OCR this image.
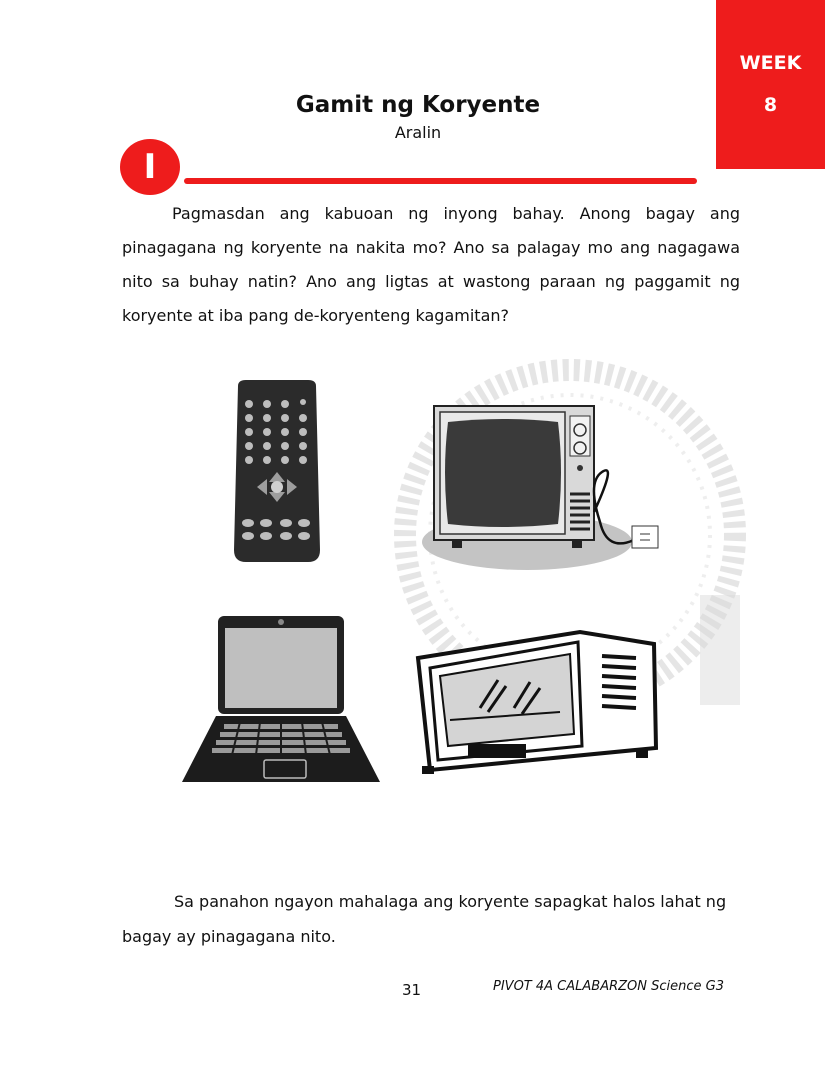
WEEK
8
Gamit ng Koryente
Aralin
I
Pagmasdan ang kabuoan ng inyong bahay. Anong bagay ang pinagagana ng koryente na nakita mo? Ano sa palagay mo ang nagagawa nito sa buhay natin? Ano ang ligtas at wastong paraan ng paggamit ng koryente at iba pang de-koryenteng kagamitan?
Sa panahon ngayon mahalaga ang koryente sapagkat halos lahat ng bagay ay pinagagana nito.
31	PIVOT 4A CALABARZON Science G3
